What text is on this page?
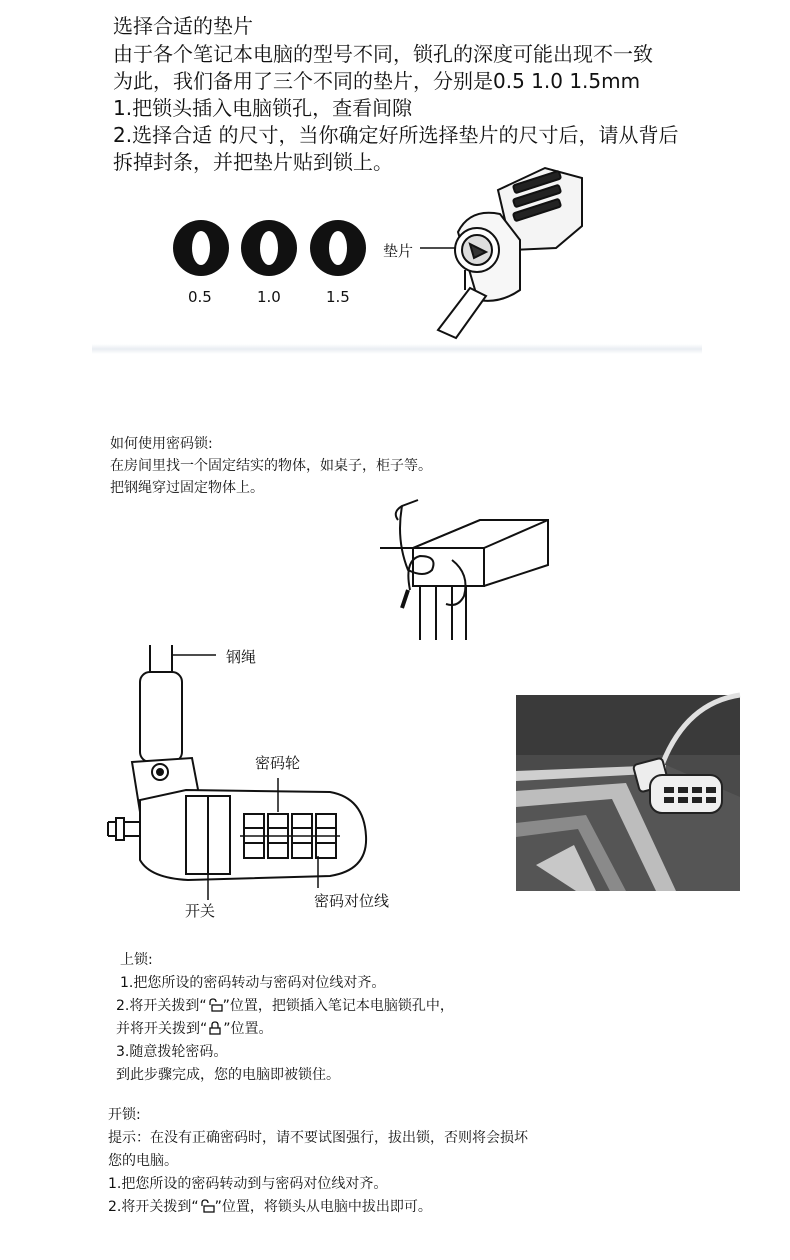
选择合适的垫片
由于各个笔记本电脑的型号不同，锁孔的深度可能出现不一致
为此，我们备用了三个不同的垫片，分别是0.5 1.0 1.5mm
1.把锁头插入电脑锁孔，查看间隙
2.选择合适 的尺寸，当你确定好所选择垫片的尺寸后，请从背后
拆掉封条，并把垫片贴到锁上。
垫片
0.5	1.0	1.5
如何使用密码锁:
在房间里找一个固定结实的物体，如桌子，柜子等。
把钢绳穿过固定物体上。
钢绳
密码轮
开关
密码对位线
上锁:
1.把您所设的密码转动与密码对位线对齐。
2.将开关拨到“ ”位置，把锁插入笔记本电脑锁孔中，
并将开关拨到“ ”位置。
3.随意拨轮密码。
到此步骤完成，您的电脑即被锁住。
开锁:
提示：在没有正确密码时，请不要试图强行，拔出锁，否则将会损坏
您的电脑。
1.把您所设的密码转动到与密码对位线对齐。
2.将开关拨到“ ”位置，将锁头从电脑中拔出即可。
